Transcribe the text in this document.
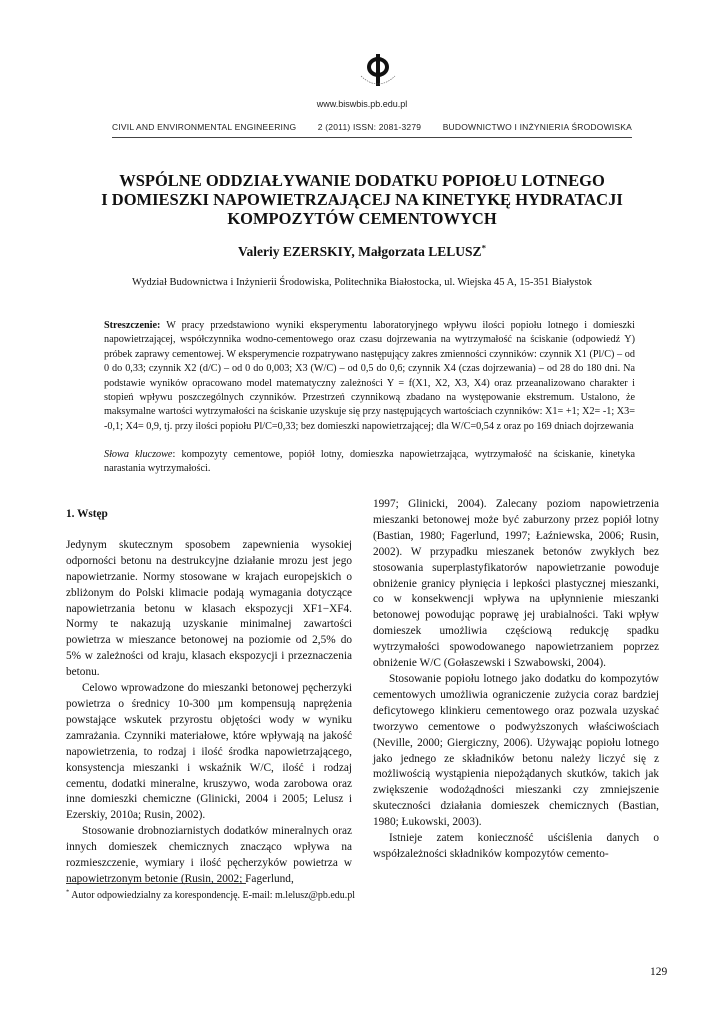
www.biswbis.pb.edu.pl
CIVIL AND ENVIRONMENTAL ENGINEERING	2 (2011) ISSN: 2081-3279	BUDOWNICTWO I INŻYNIERIA ŚRODOWISKA
WSPÓLNE ODDZIAŁYWANIE DODATKU POPIOŁU LOTNEGO
I DOMIESZKI NAPOWIETRZAJĄCEJ NA KINETYKĘ HYDRATACJI
KOMPOZYTÓW CEMENTOWYCH
Valeriy EZERSKIY, Małgorzata LELUSZ*
Wydział Budownictwa i Inżynierii Środowiska, Politechnika Białostocka, ul. Wiejska 45 A, 15-351 Białystok
Streszczenie: W pracy przedstawiono wyniki eksperymentu laboratoryjnego wpływu ilości popiołu lotnego i domieszki napowietrzającej, współczynnika wodno-cementowego oraz czasu dojrzewania na wytrzymałość na ściskanie (odpowiedź Y) próbek zaprawy cementowej. W eksperymencie rozpatrywano następujący zakres zmienności czynników: czynnik X1 (Pl/C) – od 0 do 0,33; czynnik X2 (d/C) – od 0 do 0,003; X3 (W/C) – od 0,5 do 0,6; czynnik X4 (czas dojrzewania) – od 28 do 180 dni. Na podstawie wyników opracowano model matematyczny zależności Y = f(X1, X2, X3, X4) oraz przeanalizowano charakter i stopień wpływu poszczególnych czynników. Przestrzeń czynnikową zbadano na występowanie ekstremum. Ustalono, że maksymalne wartości wytrzymałości na ściskanie uzyskuje się przy następujących wartościach czynników: X1= +1; X2= -1; X3= -0,1; X4= 0,9, tj. przy ilości popiołu Pl/C=0,33; bez domieszki napowietrzającej; dla W/C=0,54 z oraz po 169 dniach dojrzewania
Słowa kluczowe: kompozyty cementowe, popiół lotny, domieszka napowietrzająca, wytrzymałość na ściskanie, kinetyka narastania wytrzymałości.
1. Wstęp

Jedynym skutecznym sposobem zapewnienia wysokiej odporności betonu na destrukcyjne działanie mrozu jest jego napowietrzanie. Normy stosowane w krajach europejskich o zbliżonym do Polski klimacie podają wymagania dotyczące napowietrzania betonu w klasach ekspozycji XF1−XF4. Normy te nakazują uzyskanie minimalnej zawartości powietrza w mieszance betonowej na poziomie od 2,5% do 5% w zależności od kraju, klasach ekspozycji i przeznaczenia betonu.

Celowo wprowadzone do mieszanki betonowej pęcherzyki powietrza o średnicy 10-300 µm kompensują naprężenia powstające wskutek przyrostu objętości wody w wyniku zamrażania. Czynniki materiałowe, które wpływają na jakość napowietrzenia, to rodzaj i ilość środka napowietrzającego, konsystencja mieszanki i wskaźnik W/C, ilość i rodzaj cementu, dodatki mineralne, kruszywo, woda zarobowa oraz inne domieszki chemiczne (Glinicki, 2004 i 2005; Lelusz i Ezerskiy, 2010a; Rusin, 2002).

Stosowanie drobnoziarnistych dodatków mineralnych oraz innych domieszek chemicznych znacząco wpływa na rozmieszczenie, wymiary i ilość pęcherzyków powietrza w napowietrzonym betonie (Rusin, 2002; Fagerlund,

1997; Glinicki, 2004). Zalecany poziom napowietrzenia mieszanki betonowej może być zaburzony przez popiół lotny (Bastian, 1980; Fagerlund, 1997; Łaźniewska, 2006; Rusin, 2002). W przypadku mieszanek betonów zwykłych bez stosowania superplastyfikatorów napowietrzanie powoduje obniżenie granicy płynięcia i lepkości plastycznej mieszanki, co w konsekwencji wpływa na upłynnienie mieszanki betonowej powodując poprawę jej urabialności. Taki wpływ domieszek umożliwia częściową redukcję spadku wytrzymałości spowodowanego napowietrzaniem poprzez obniżenie W/C (Gołaszewski i Szwabowski, 2004).

Stosowanie popiołu lotnego jako dodatku do kompozytów cementowych umożliwia ograniczenie zużycia coraz bardziej deficytowego klinkieru cementowego oraz pozwala uzyskać tworzywo cementowe o podwyższonych właściwościach (Neville, 2000; Giergiczny, 2006). Używając popiołu lotnego jako jednego ze składników betonu należy liczyć się z możliwością wystąpienia niepożądanych skutków, takich jak zwiększenie wodożądności mieszanki czy zmniejszenie skuteczności działania domieszek chemicznych (Bastian, 1980; Łukowski, 2003).

Istnieje zatem konieczność uściślenia danych o współzależności składników kompozytów cemento-

* Autor odpowiedzialny za korespondencję. E-mail: m.lelusz@pb.edu.pl
129
